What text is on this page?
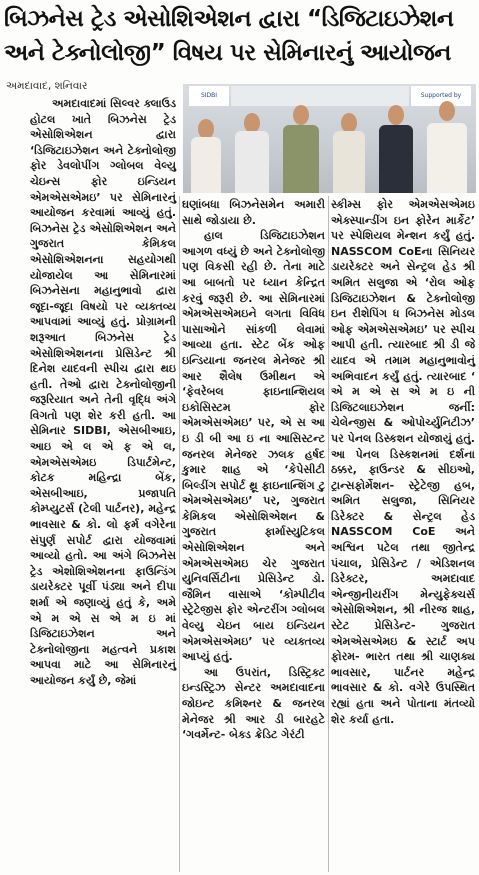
બિઝનેસ ટ્રેડ એસોશિએશન દ્વારા “ડિજિટાઇઝેશન
અને ટેક્નોલોજી” વિષય પર સેમિનારનું આયોજન
અમદાવાદ, શનિવાર
SIDBI	Supported by

અમદાવાદમાં સિલ્વર ક્લાઉડ હોટલ ખાતે બિઝનેસ ટ્રેડ એસોશિએશન દ્વારા ‘ડિજિટાઇઝેશન અને ટેક્નોલોજી ફોર ડેવલોપીંગ ગ્લોબલ વેલ્યુ ચેઇન્સ ફોર ઇન્ડિયન એમએસએમઇ’ પર સેમિનારનું આયોજન કરવામાં આવ્યું હતું. બિઝનેસ ટ્રેડ એસોશિએશન અને ગુજરાત કેમિકલ એસોશિએશનના સહયોગથી યોજાયેલ આ સેમિનારમાં બિઝનેસના મહાનુભાવો દ્વારા જૂદા-જૂદા વિષયો પર વ્યક્તવ્ય આપવામાં આવ્યું હતું. પ્રોગ્રામની શરૂઆત બિઝનેસ ટ્રેડ એસોશિએશનના પ્રેસિડેન્ટ શ્રી દિનેશ યાદવની સ્પીચ દ્વારા થઇ હતી. તેઓ દ્વારા ટેક્નોલોજીની જરૂરિયાત અને તેની વૃદ્ધિ અંગે વિગતો પણ શેર કરી હતી. આ સેમિનાર SIDBI, એસબીઆઇ, આઇ એ લ એ ફ એ લ, એમએસએમઇ ડિપાર્ટમેન્ટ, કોટક મહિન્દ્રા બેંક, એસબીઆઇ, પ્રજાપતિ કોમ્પ્યુટર્સ (ટેલી પાર્ટનર), મહેન્દ્ર ભાવસાર & કો. લો ફર્મ વગેરેના સંપુર્ણ સપોર્ટ દ્વારા યોજવામાં આવ્યો હતો. આ અંગે બિઝનેસ ટ્રેડ એશોશિએશનના ફાઉન્ડિંગ ડાયરેક્ટર પૂર્વી પંડ્યા અને દીપા શર્મા એ જણાવ્યું હતું કે, અમે એ મ એ સ એ મ ઇ માં ડિજિટાઇઝેશન અને ટેક્નોલોજીના મહત્વને પ્રકાશ આપવા માટે આ સેમિનારનું આયોજન કર્યું છે, જેમાં

ઘણાંબધા બિઝનેસમેન અમારી સાથે જોડાયા છે.

હાલ ડિજિટાઇઝેશન આગળ વધ્યું છે અને ટેક્નોલોજી પણ વિકસી રહી છે. તેના માટે આ બાબતો પર ધ્યાન કેન્દ્રિત કરવું જરૂરી છે. આ સેમિનારમાં એમએસએમઇને લગતા વિવિધ પાસાઓને સાંકળી લેવામાં આવ્યા હતા. સ્ટેટ બેંક ઓફ ઇન્ડિયાના જનરલ મેનેજર શ્રી આર શૈલેષ ઉમીથન એ ‘ફેવરેબલ ફાઇનાન્શિયલ ઇકોસિસ્ટમ ફોર એમએસએમઇ’ પર, એ સ આ ઇ ડી બી આ ઇ ના આસિસ્ટન્ટ જનરલ મેનેજર ઝલક હર્ષદ કુમાર શાહ એ ‘કેપેસીટી બિલ્ડીંગ સપોર્ટ થ્રૂ ફાઇનાન્શિંગ ટુ એમએસએમઇ’ પર, ગુજરાત કેમિકલ એસોશિએશન & ગુજરાત ફાર્માસ્યુટિકલ એસોશિએશન અને એમએસએમઇ ચેર ગુજરાત યુનિવર્સિટીના પ્રેસિડેન્ટ ડો. જૈમિન વાસાએ ‘કોમ્પીટીવ સ્ટ્રેટેજીસ ફોર એન્ટરીંગ ગ્લોબલ વેલ્યુ ચેઇન બાય ઇન્ડિયન એમએસએમઇ’ પર વ્યક્તવ્ય આપ્યું હતું.

આ ઉપરાંત, ડિસ્ટ્રિક્ટ ઇન્ડસ્ટ્રિઝ સેન્ટર અમદાવાદના જોઇન્ટ કમિશ્નર & જનરલ મેનેજર શ્રી આર ડી બારહટે ‘ગવર્મેન્ટ- બેક્ડ ક્રેડિટ ગેરંટી

સ્કીમ્સ ફોર એમએસએમઇ એક્સ્પાન્ડીંગ ઇન ફોરેન માર્કેટ’ પર સ્પેશિયલ મેન્શન કર્યું હતું. NASSCOM CoEના સિનિયર ડાયરેક્ટર અને સેન્ટ્રલ હેડ શ્રી અમિત સલુજા એ ‘રોલ ઓફ ડિજિટાઇઝેશન & ટેક્નોલોજી ઇન રીશેપિંગ ધ બિઝનેસ મોડલ ઓફ એમએસએમઇ’ પર સ્પીચ આપી હતી. ત્યારબાદ શ્રી ડી જે યાદવ એ તમામ મહાનુભાવોનું અભિવાદન કર્યું હતું. ત્યારબાદ ‘ એ મ એ સ એ મ ઇ ની ડિજિટલાઇઝેશન જર્ની: ચેલેન્જીસ & ઓપોર્ચ્યુનિટીઝ’ પર પેનલ ડિસ્કશન યોજાયું હતું. આ પેનલ ડિસ્કશનમાં દર્શના ઠક્કર, ફાઉન્ડર & સીઇઓ, ટ્રાન્સફોર્મેશન- સ્ટ્રેટેજી હબ, અમિત સલુજા, સિનિયર ડિરેક્ટર & સેન્ટ્રલ હેડ NASSCOM CoE અને અશ્વિન પટેલ તથા જીતેન્દ્ર પંચાલ, પ્રેસિડેન્ટ / એડિશનલ ડિરેક્ટર, અમદાવાદ એન્જીનીયરીંગ મેન્યુફેક્ચર્સ એસોશિએશન, શ્રી નીરજ શાહ, સ્ટેટ પ્રેસિડેન્ટ- ગુજરાત એમએસએમઇ & સ્ટાર્ટ અપ ફોરમ- ભારત તથા શ્રી ચાણક્ય ભાવસાર, પાર્ટનર મહેન્દ્ર ભાવસાર & કો. વગેરે ઉપસ્થિત રહ્યાં હતા અને પોતાના મંતવ્યો શેર કર્યા હતા.
